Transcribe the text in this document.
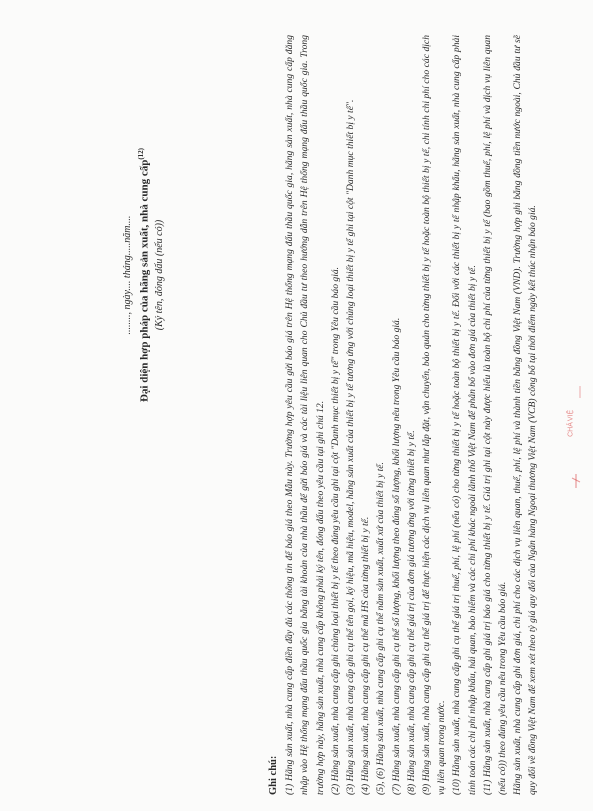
........, ngày.... tháng.....năm.... Đại diện hợp pháp của hãng sản xuất, nhà cung cấp$^{(12)}$
(Ký tên, đóng dấu (nếu có))
Ghi chú: (1) Hãng sản xuất, nhà cung cấp điền đầy đủ các thông tin để báo giá theo Mẫu này. Trường hợp yêu cầu gửi báo giá trên Hệ thống mạng đấu thầu quốc gia, hãng sản xuất, nhà cung cấp đăng nhập vào Hệ thống mạng đấu thầu quốc gia bằng tài khoản của nhà thầu để gửi báo giá và các tài liệu liên quan cho Chủ đầu tư theo hướng dẫn trên Hệ thống mạng đấu thầu quốc gia. Trong trường hợp này, hãng sản xuất, nhà cung cấp không phải ký tên, đóng dấu theo yêu cầu tại ghi chú 12. (2) Hãng sản xuất, nhà cung cấp ghi chủng loại thiết bị y tế theo đúng yêu cầu ghi tại cột "Danh mục thiết bị y tế" trong Yêu cầu báo giá. (3) Hãng sản xuất, nhà cung cấp ghi cụ thể tên gọi, ký hiệu, mã hiệu, model, hãng sản xuất của thiết bị y tế tương ứng với chủng loại thiết bị y tế ghi tại cột "Danh mục thiết bị y tế". (4) Hãng sản xuất, nhà cung cấp ghi cụ thể mã HS của từng thiết bị y tế. (5), (6) Hãng sản xuất, nhà cung cấp ghi cụ thể năm sản xuất, xuất xứ của thiết bị y tế. (7) Hãng sản xuất, nhà cung cấp ghi cụ thể số lượng, khối lượng theo đúng số lượng, khối lượng nêu trong Yêu cầu báo giá. (8) Hãng sản xuất, nhà cung cấp ghi cụ thể giá trị của đơn giá tương ứng với từng thiết bị y tế. (9) Hãng sản xuất, nhà cung cấp ghi cụ thể giá trị để thực hiện các dịch vụ liên quan như lắp đặt, vận chuyển, bảo quản cho từng thiết bị y tế hoặc toàn bộ thiết bị y tế, chi tính chi phí cho các dịch vụ liên quan trong nước. (10) Hãng sản xuất, nhà cung cấp ghi cụ thể giá trị thuế, phí, lệ phí (nếu có) cho từng thiết bị y tế hoặc toàn bộ thiết bị y tế. Đối với các thiết bị y tế nhập khẩu, hãng sản xuất, nhà cung cấp phải tính toán các chi phí nhập khẩu, hải quan, bảo hiểm và các chi phí khác ngoài lãnh thổ Việt Nam để phân bổ vào đơn giá của thiết bị y tế. (11) Hãng sản xuất, nhà cung cấp ghi giá trị báo giá cho từng thiết bị y tế. Giá trị ghi tại cột này được hiểu là toàn bộ chi phí của từng thiết bị y tế (bao gồm thuế, phí, lệ phí và dịch vụ liên quan (nếu có)) theo đúng yêu cầu nêu trong Yêu cầu báo giá. Hãng sản xuất, nhà cung cấp ghi đơn giá, chi phí cho các dịch vụ liên quan, thuế, phí, lệ phí và thành tiền bằng đồng Việt Nam (VND). Trường hợp ghi bằng đồng tiền nước ngoài, Chủ đầu tư sẽ quy đổi về đồng Việt Nam để xem xét theo tỷ giá quy đổi của Ngân hàng Ngoại thương Việt Nam (VCB) công bố tại thời điểm ngày kết thúc nhận báo giá.	VIỆ
CHÁ
